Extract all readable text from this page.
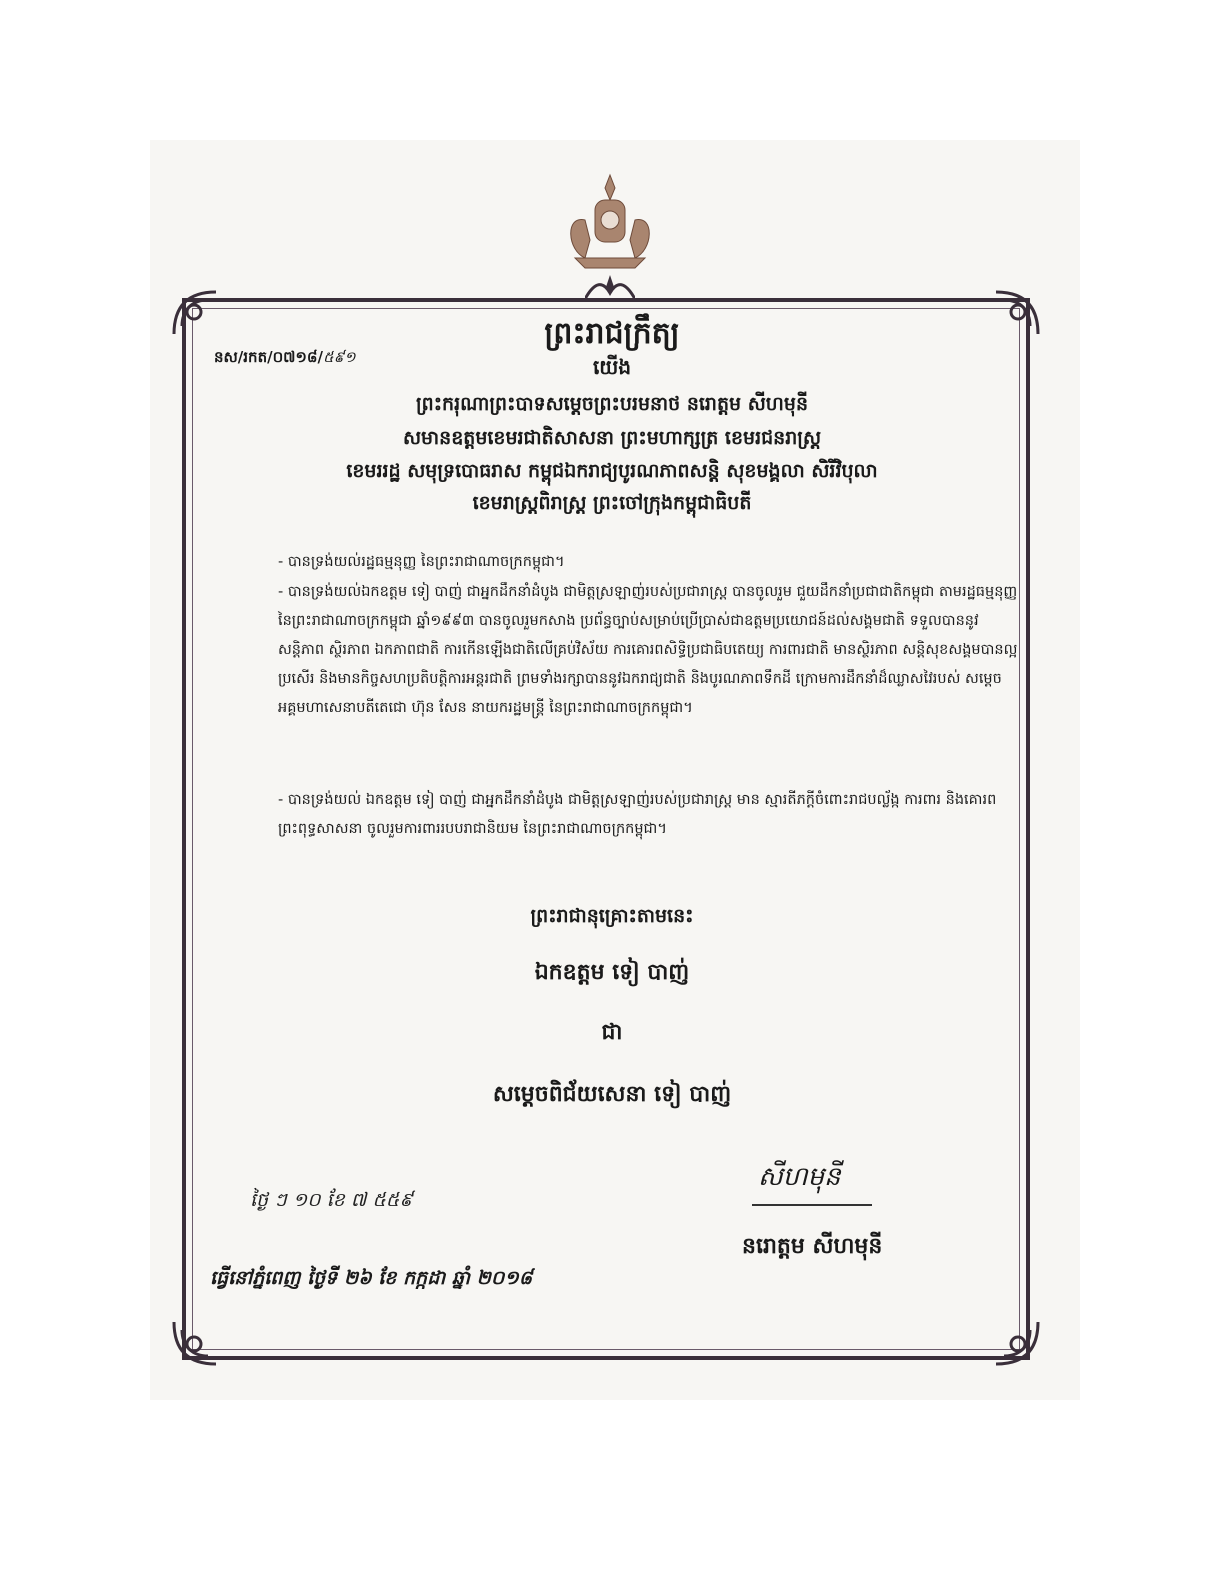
ព្រះរាជក្រឹត្យ
នស/រកត/០៧១៨/៥៩១	យើង
ព្រះករុណាព្រះបាទសម្តេចព្រះបរមនាថ នរោត្តម សីហមុនី
សមានឧត្តមខេមរជាតិសាសនា ព្រះមហាក្សត្រ ខេមរជនរាស្ត្រ
ខេមររដ្ឋ សមុទ្របោធរាស កម្ពុជឯករាជ្យបូរណភាពសន្តិ សុខមង្គលា សិរីវិបុលា
ខេមរាស្ត្រពិរាស្ត្រ ព្រះចៅក្រុងកម្ពុជាធិបតី
- បានទ្រង់យល់រដ្ឋធម្មនុញ្ញ នៃព្រះរាជាណាចក្រកម្ពុជា។
- បានទ្រង់យល់ឯកឧត្តម ទៀ បាញ់ ជាអ្នកដឹកនាំដំបូង ជាមិត្តស្រឡាញ់របស់ប្រជារាស្ត្រ បានចូលរួម ជួយដឹកនាំប្រជាជាតិកម្ពុជា តាមរដ្ឋធម្មនុញ្ញនៃព្រះរាជាណាចក្រកម្ពុជា ឆ្នាំ១៩៩៣ បានចូលរួមកសាង ប្រព័ន្ធច្បាប់សម្រាប់ប្រើប្រាស់ជាឧត្តមប្រយោជន៍ដល់សង្គមជាតិ ទទួលបាននូវសន្តិភាព ស្ថិរភាព ឯកភាពជាតិ ការកើនឡើងជាតិលើគ្រប់វិស័យ ការគោរពសិទ្ធិប្រជាធិបតេយ្យ ការពារជាតិ មានស្ថិរភាព សន្តិសុខសង្គមបានល្អប្រសើរ និងមានកិច្ចសហប្រតិបត្តិការអន្តរជាតិ ព្រមទាំងរក្សាបាននូវឯករាជ្យជាតិ និងបូរណភាពទឹកដី ក្រោមការដឹកនាំដ៏ឈ្លាសវៃរបស់ សម្តេចអគ្គមហាសេនាបតីតេជោ ហ៊ុន សែន នាយករដ្ឋមន្ត្រី នៃព្រះរាជាណាចក្រកម្ពុជា។
- បានទ្រង់យល់ ឯកឧត្តម ទៀ បាញ់ ជាអ្នកដឹកនាំដំបូង ជាមិត្តស្រឡាញ់របស់ប្រជារាស្ត្រ មាន ស្មារតីភក្តីចំពោះរាជបល្ល័ង្ក ការពារ និងគោរពព្រះពុទ្ធសាសនា ចូលរួមការពាររបបរាជានិយម នៃព្រះរាជាណាចក្រកម្ពុជា។
ព្រះរាជានុគ្រោះតាមនេះ
ឯកឧត្តម ទៀ បាញ់
ជា
សម្តេចពិជ័យសេនា ទៀ បាញ់
ថ្ងៃ ៗ ១០ ខែ ៧ ៥៥៩
សីហមុនី
នរោត្តម សីហមុនី
ធ្វើនៅភ្នំពេញ ថ្ងៃទី ២៦ ខែ កក្កដា ឆ្នាំ ២០១៨
